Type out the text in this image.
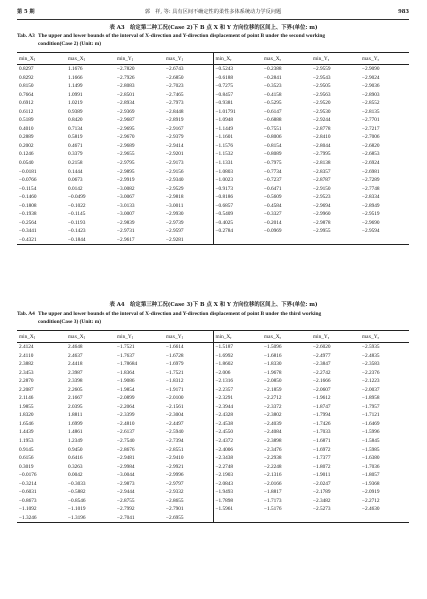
第 5 期	郭　祥, 等: 具有区间不确定性的柔性多体系统动力学反问题	983
表 A3　给定第二种工况(Case 2)下 B 点 X 和 Y 方向位移的区间上、下界(单位: m)
Tab. A3 The upper and lower bounds of the interval of X-direction and Y-direction displacement of point B under the second working
condition(Case 2) (Unit: m)
$\min\_X_l$	$\max\_X_l$	$\min\_Y_l$	$\max\_Y_l$	$\min\_X_r$	$\max\_X_r$	$\min\_Y_r$	$\max\_Y_r$
0.8297	1.1676	−2.7820	−2.6743	−0.5243	−0.2388	−2.9559	−2.9090
0.8292	1.1666	−2.7926	−2.6850	−0.6188	−0.2841	−2.9543	−2.9024
0.8150	1.1499	−2.8083	−2.7023	−0.7275	−0.3523	−2.9505	−2.9036
0.7664	1.0991	−2.8501	−2.7465	−0.8457	−0.4158	−2.9563	−2.8903
0.6912	1.0219	−2.8934	−2.7973	−0.9381	−0.5295	−2.9520	−2.8552
0.6112	0.9389	−2.9369	−2.8448	−1.01791	−0.6147	−2.9530	−2.8135
0.5189	0.8420	−2.9687	−2.8919	−1.0948	−0.6888	−2.9244	−2.7701
0.4010	0.7134	−2.9695	−2.9167	−1.1449	−0.7551	−2.8778	−2.7217
0.2889	0.5819	−2.9670	−2.9379	−1.1601	−0.8006	−2.8410	−2.7006
0.2002	0.4671	−2.9689	−2.9414	−1.1576	−0.8154	−2.8044	−2.6820
0.1246	0.3379	−2.9655	−2.9201	−1.1532	−0.8089	−2.7995	−2.6853
0.0540	0.2158	−2.9795	−2.9173	−1.1331	−0.7975	−2.8138	−2.6924
−0.0181	0.1444	−2.9895	−2.9156	−1.0803	−0.7734	−2.8357	−2.6981
−0.0766	0.0673	−2.9919	−2.9340	−1.0023	−0.7237	−2.8787	−2.7289
−0.1154	0.0142	−3.0082	−2.9529	−0.9173	−0.6471	−2.9150	−2.7748
−0.1460	−0.0499	−3.0067	−2.9818	−0.8186	−0.5609	−2.9523	−2.8334
−0.1808	−0.1022	−3.0133	−3.0011	−0.6857	−0.4584	−2.9694	−2.8949
−0.1938	−0.1145	−3.0007	−2.9930	−0.5409	−0.3327	−2.9960	−2.9519
−0.2564	−0.1193	−2.9839	−2.9739	−0.4025	−0.2014	−2.9878	−2.9690
−0.3441	−0.1423	−2.9731	−2.9597	−0.2784	−0.0969	−2.9955	−2.9594
−0.4321	−0.1844	−2.9617	−2.9281				
表 A4　给定第三种工况(Case 3)下 B 点 X 和 Y 方向位移的区间上、下界(单位: m)
Tab. A4 The upper and lower bounds of the interval of X-direction and Y-direction displacement of point B under the third working
condition(Case 3) (Unit: m)
$\min\_X_l$	$\max\_X_l$	$\min\_Y_l$	$\max\_Y_l$	$\min\_X_r$	$\max\_X_r$	$\min\_Y_r$	$\max\_Y_r$
2.4124	2.4648	−1.7521	−1.6614	−1.5187	−1.5096	−2.6020	−2.5935
2.4110	2.4637	−1.7637	−1.6728	−1.6992	−1.6816	−2.4977	−2.4835
2.3882	2.4418	−1.78684	−1.6979	−1.8602	−1.8330	−2.3847	−2.3583
2.3453	2.3987	−1.8364	−1.7521	−2.006	−1.9678	−2.2742	−2.2376
2.2870	2.3398	−1.9086	−1.8312	−2.1316	−2.0850	−2.1666	−2.1223
2.2087	2.2605	−1.9854	−1.9171	−2.2357	−2.1859	−2.0607	−2.0037
2.1146	2.1667	−2.0899	−2.0100	−2.3291	−2.2712	−1.9612	−1.8958
1.9855	2.0395	−2.2064	−2.1561	−2.3944	−2.3372	−1.8747	−1.7957
1.8320	1.8811	−2.3399	−2.3004	−2.4328	−2.3802	−1.7994	−1.7121
1.6546	1.6999	−2.4810	−2.4497	−2.4538	−2.4039	−1.7426	−1.6469
1.4439	1.4861	−2.6137	−2.5940	−2.4550	−2.4084	−1.7033	−1.5996
1.1953	1.2349	−2.7540	−2.7394	−2.4372	−2.3898	−1.6871	−1.5845
0.9145	0.9450	−2.8676	−2.8551	−2.4006	−2.3476	−1.6972	−1.5985
0.6156	0.6416	−2.9481	−2.9410	−2.3438	−2.2938	−1.7377	−1.6380
0.3019	0.3263	−2.9984	−2.9921	−2.2748	−2.2248	−1.8072	−1.7036
−0.0176	0.0042	−3.0044	−2.9996	−2.1903	−2.1316	−1.9011	−1.8057
−0.3214	−0.3033	−2.9873	−2.9797	−2.0843	−2.0166	−2.0247	−1.9368
−0.6031	−0.5882	−2.9444	−2.9332	−1.9493	−1.8817	−2.1789	−2.0919
−0.8673	−0.8546	−2.8755	−2.8655	−1.7898	−1.7173	−2.3482	−2.2712
−1.1092	−1.1019	−2.7992	−2.7901	−1.5961	−1.5176	−2.5273	−2.4630
−1.3246	−1.3196	−2.7041	−2.6955				
